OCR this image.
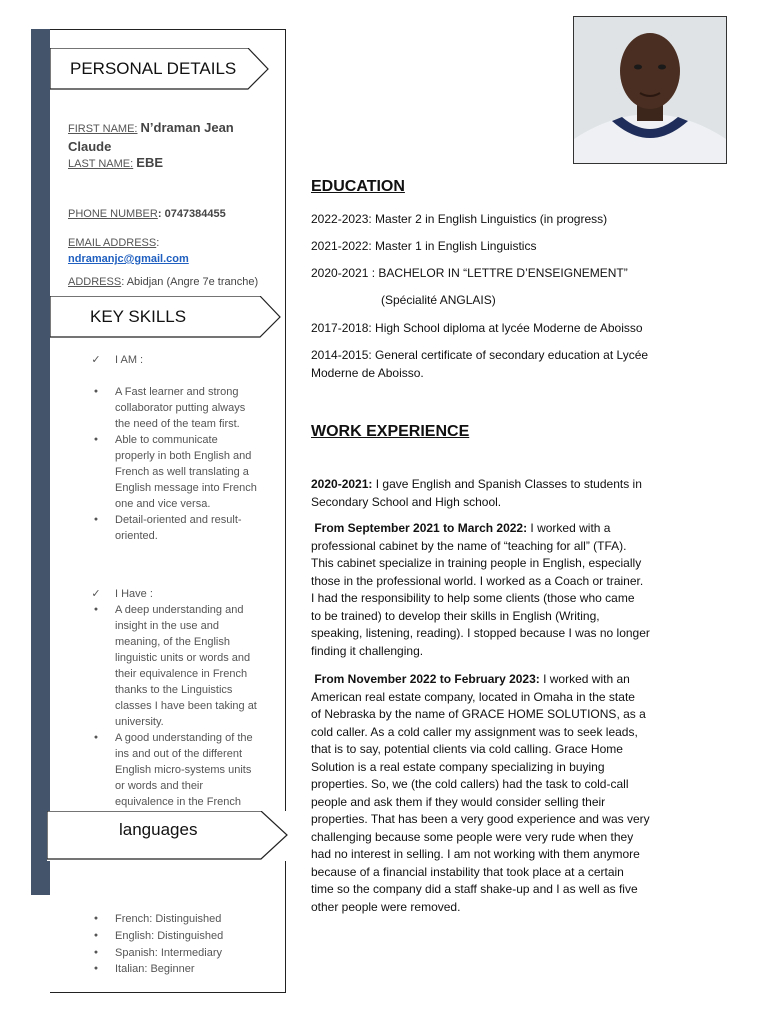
PERSONAL DETAILS
FIRST NAME: N’draman Jean
Claude
LAST NAME: EBE
PHONE NUMBER: 0747384455
EMAIL ADDRESS:
ndramanjc@gmail.com
ADDRESS: Abidjan (Angre 7e tranche)
KEY SKILLS
✓ I AM :
●	A Fast learner and strong
collaborator putting always
the need of the team first.
●	Able to communicate
properly in both English and
French as well translating a
English message into French
one and vice versa.
●	Detail-oriented and result-
oriented.
✓ I Have :
●	A deep understanding and
insight in the use and
meaning, of the English
linguistic units or words and
their equivalence in French
thanks to the Linguistics
classes I have been taking at
university.
●	A good understanding of the
ins and out of the different
English micro-systems units
or words and their
equivalence in the French
languages
●	French: Distinguished
●	English: Distinguished
●	Spanish: Intermediary
●	Italian: Beginner
EDUCATION
2022-2023: Master 2 in English Linguistics (in progress)
2021-2022: Master 1 in English Linguistics
2020-2021 : BACHELOR IN “LETTRE D’ENSEIGNEMENT”
(Spécialité ANGLAIS)
2017-2018: High School diploma at lycée Moderne de Aboisso
2014-2015: General certificate of secondary education at Lycée
Moderne de Aboisso.
WORK EXPERIENCE
2020-2021: I gave English and Spanish Classes to students in
Secondary School and High school.
From September 2021 to March 2022: I worked with a
professional cabinet by the name of “teaching for all” (TFA).
This cabinet specialize in training people in English, especially
those in the professional world. I worked as a Coach or trainer.
I had the responsibility to help some clients (those who came
to be trained) to develop their skills in English (Writing,
speaking, listening, reading). I stopped because I was no longer
finding it challenging.
From November 2022 to February 2023: I worked with an
American real estate company, located in Omaha in the state
of Nebraska by the name of GRACE HOME SOLUTIONS, as a
cold caller. As a cold caller my assignment was to seek leads,
that is to say, potential clients via cold calling. Grace Home
Solution is a real estate company specializing in buying
properties. So, we (the cold callers) had the task to cold-call
people and ask them if they would consider selling their
properties. That has been a very good experience and was very
challenging because some people were very rude when they
had no interest in selling. I am not working with them anymore
because of a financial instability that took place at a certain
time so the company did a staff shake-up and I as well as five
other people were removed.
